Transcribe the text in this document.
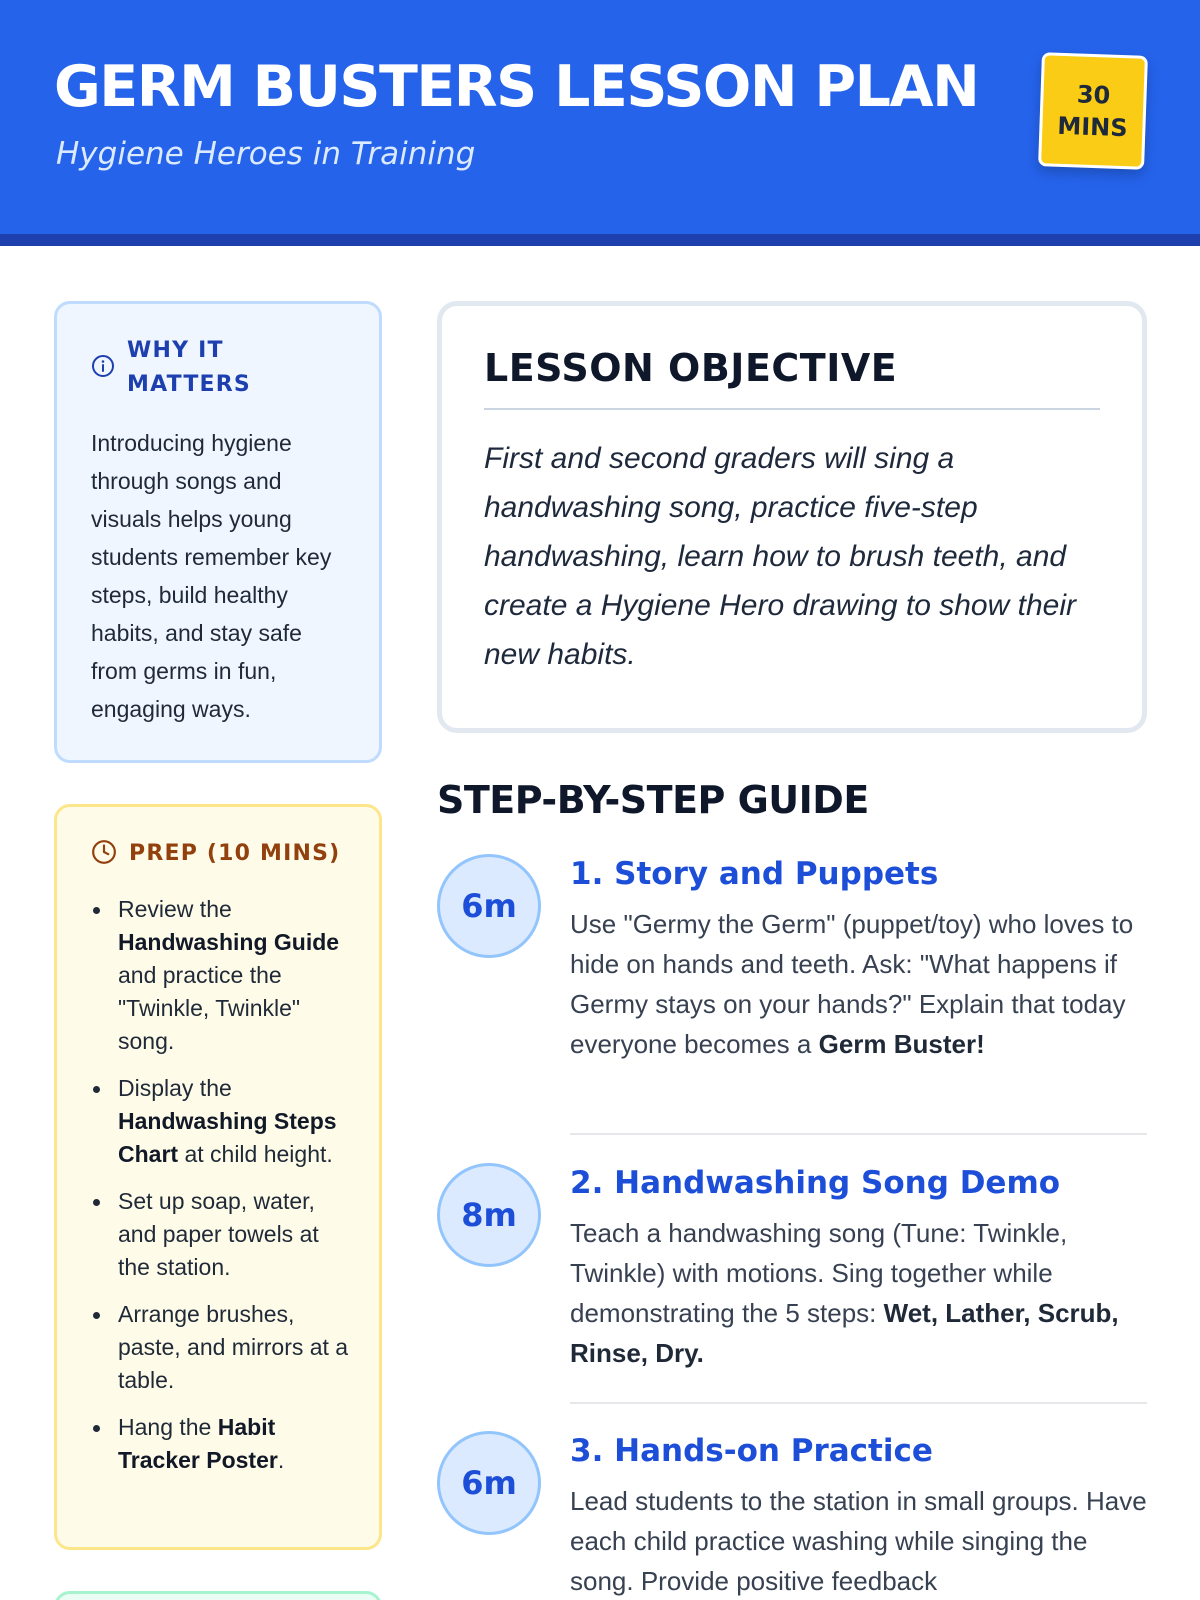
GERM BUSTERS LESSON PLAN
Hygiene Heroes in Training
30
MINS
WHY IT MATTERS
Introducing hygiene through songs and visuals helps young students remember key steps, build healthy habits, and stay safe from germs in fun, engaging ways.
PREP (10 MINS)
Review the Handwashing Guide and practice the "Twinkle, Twinkle" song.
Display the Handwashing Steps Chart at child height.
Set up soap, water, and paper towels at the station.
Arrange brushes, paste, and mirrors at a table.
Hang the Habit Tracker Poster.
LESSON OBJECTIVE
First and second graders will sing a handwashing song, practice five-step handwashing, learn how to brush teeth, and create a Hygiene Hero drawing to show their new habits.
STEP-BY-STEP GUIDE
6m
1. Story and Puppets
Use "Germy the Germ" (puppet/toy) who loves to hide on hands and teeth. Ask: "What happens if Germy stays on your hands?" Explain that today everyone becomes a Germ Buster!
8m
2. Handwashing Song Demo
Teach a handwashing song (Tune: Twinkle, Twinkle) with motions. Sing together while demonstrating the 5 steps: Wet, Lather, Scrub, Rinse, Dry.
6m
3. Hands-on Practice
Lead students to the station in small groups. Have each child practice washing while singing the song. Provide positive feedback
